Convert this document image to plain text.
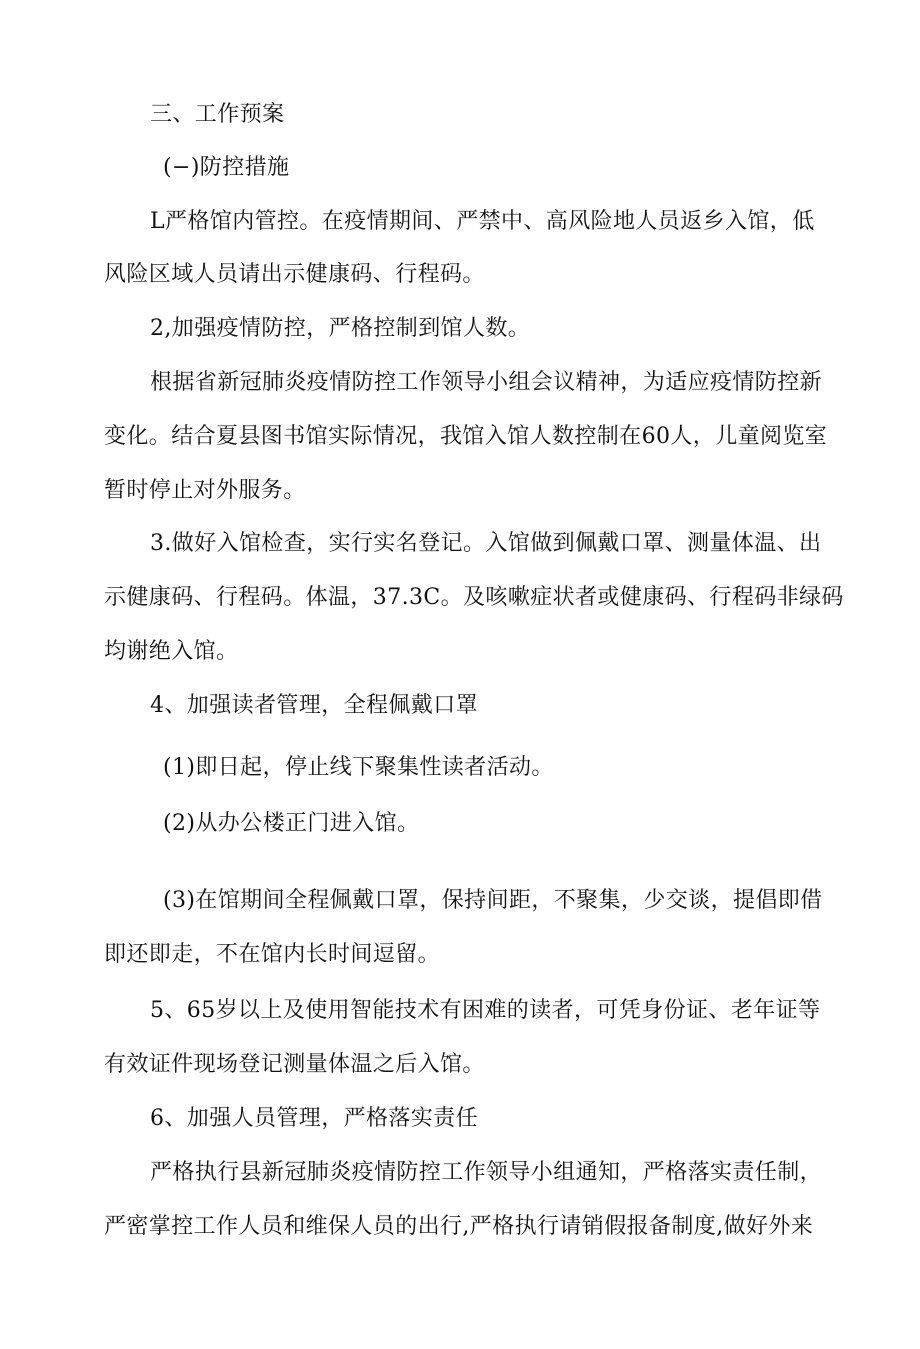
三、工作预案
(−)防控措施
L严格馆内管控。在疫情期间、严禁中、高风险地人员返乡入馆，低
风险区域人员请出示健康码、行程码。
2,加强疫情防控，严格控制到馆人数。
根据省新冠肺炎疫情防控工作领导小组会议精神，为适应疫情防控新
变化。结合夏县图书馆实际情况，我馆入馆人数控制在60人，儿童阅览室
暂时停止对外服务。
3.做好入馆检查，实行实名登记。入馆做到佩戴口罩、测量体温、出
示健康码、行程码。体温，37.3C。及咳嗽症状者或健康码、行程码非绿码
均谢绝入馆。
4、加强读者管理，全程佩戴口罩
(1)即日起，停止线下聚集性读者活动。
(2)从办公楼正门进入馆。
(3)在馆期间全程佩戴口罩，保持间距，不聚集，少交谈，提倡即借
即还即走，不在馆内长时间逗留。
5、65岁以上及使用智能技术有困难的读者，可凭身份证、老年证等
有效证件现场登记测量体温之后入馆。
6、加强人员管理，严格落实责任
严格执行县新冠肺炎疫情防控工作领导小组通知，严格落实责任制，
严密掌控工作人员和维保人员的出行,严格执行请销假报备制度,做好外来
